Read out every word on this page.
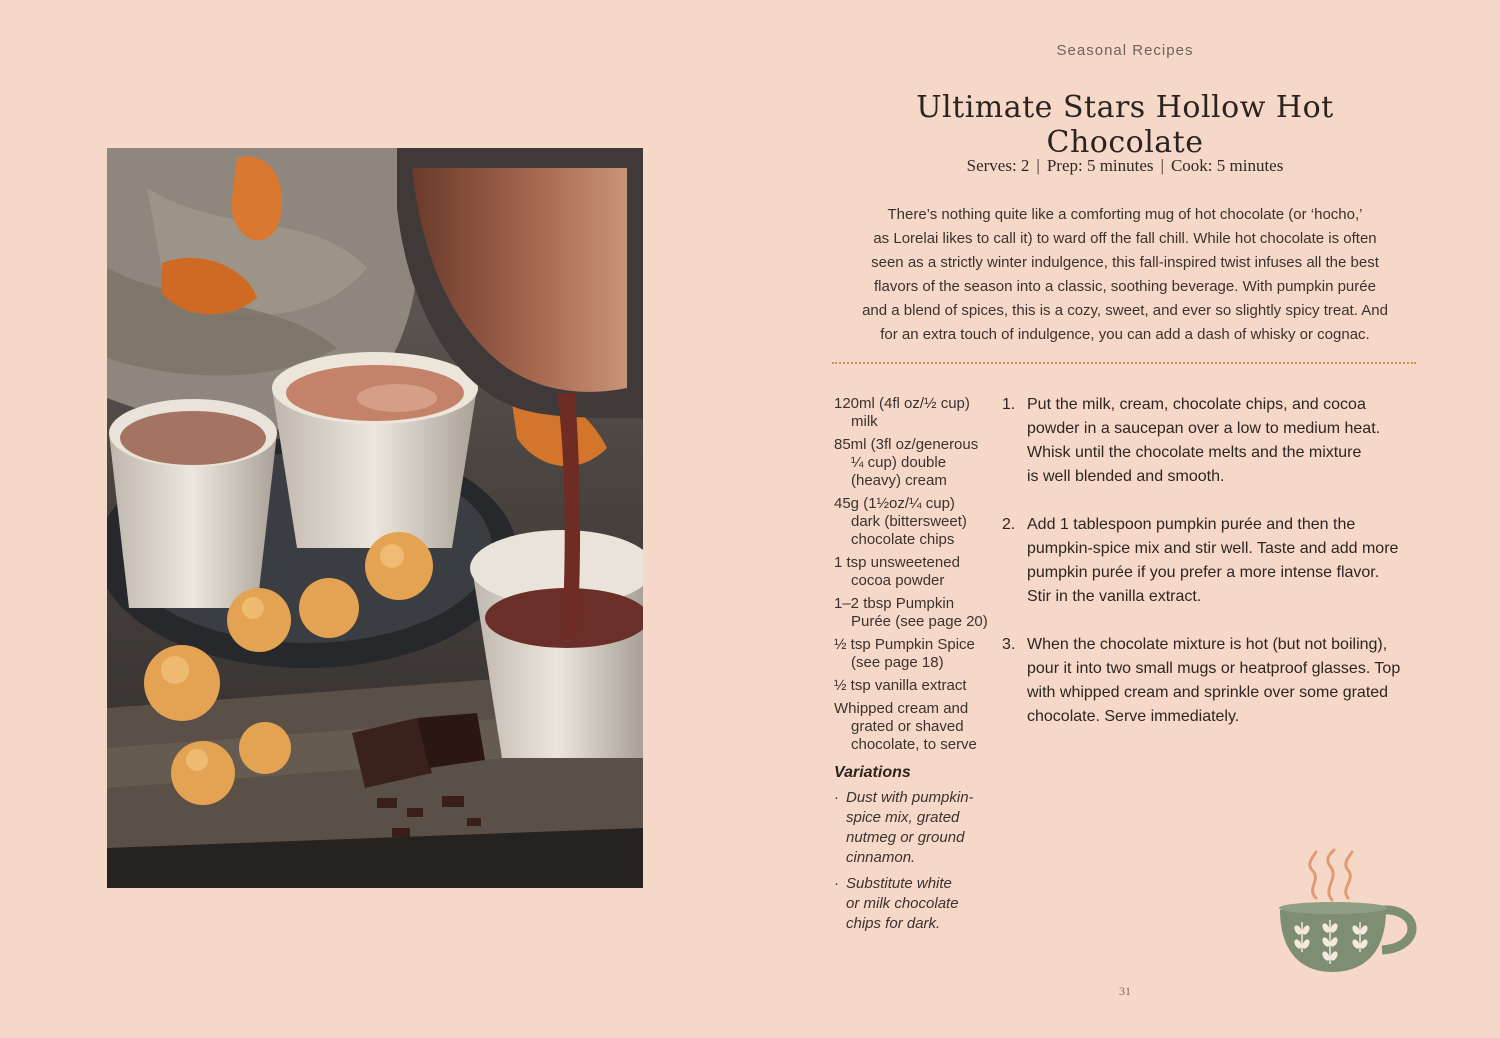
Seasonal Recipes
Ultimate Stars Hollow Hot Chocolate
Serves: 2 | Prep: 5 minutes | Cook: 5 minutes
There’s nothing quite like a comforting mug of hot chocolate (or ‘hocho,’
as Lorelai likes to call it) to ward off the fall chill. While hot chocolate is often
seen as a strictly winter indulgence, this fall-inspired twist infuses all the best
flavors of the season into a classic, soothing beverage. With pumpkin purée
and a blend of spices, this is a cozy, sweet, and ever so slightly spicy treat. And
for an extra touch of indulgence, you can add a dash of whisky or cognac.
120ml (4fl oz/½ cup)
milk
85ml (3fl oz/generous
¼ cup) double
(heavy) cream
45g (1½oz/¼ cup)
dark (bittersweet)
chocolate chips
1 tsp unsweetened
cocoa powder
1–2 tbsp Pumpkin
Purée (see page 20)
½ tsp Pumpkin Spice
(see page 18)
½ tsp vanilla extract
Whipped cream and
grated or shaved
chocolate, to serve
Variations
· Dust with pumpkin-
spice mix, grated
nutmeg or ground
cinnamon.
· Substitute white
or milk chocolate
chips for dark.
1. Put the milk, cream, chocolate chips, and cocoa
powder in a saucepan over a low to medium heat.
Whisk until the chocolate melts and the mixture
is well blended and smooth.
2. Add 1 tablespoon pumpkin purée and then the
pumpkin-spice mix and stir well. Taste and add more
pumpkin purée if you prefer a more intense flavor.
Stir in the vanilla extract.
3. When the chocolate mixture is hot (but not boiling),
pour it into two small mugs or heatproof glasses. Top
with whipped cream and sprinkle over some grated
chocolate. Serve immediately.
31
